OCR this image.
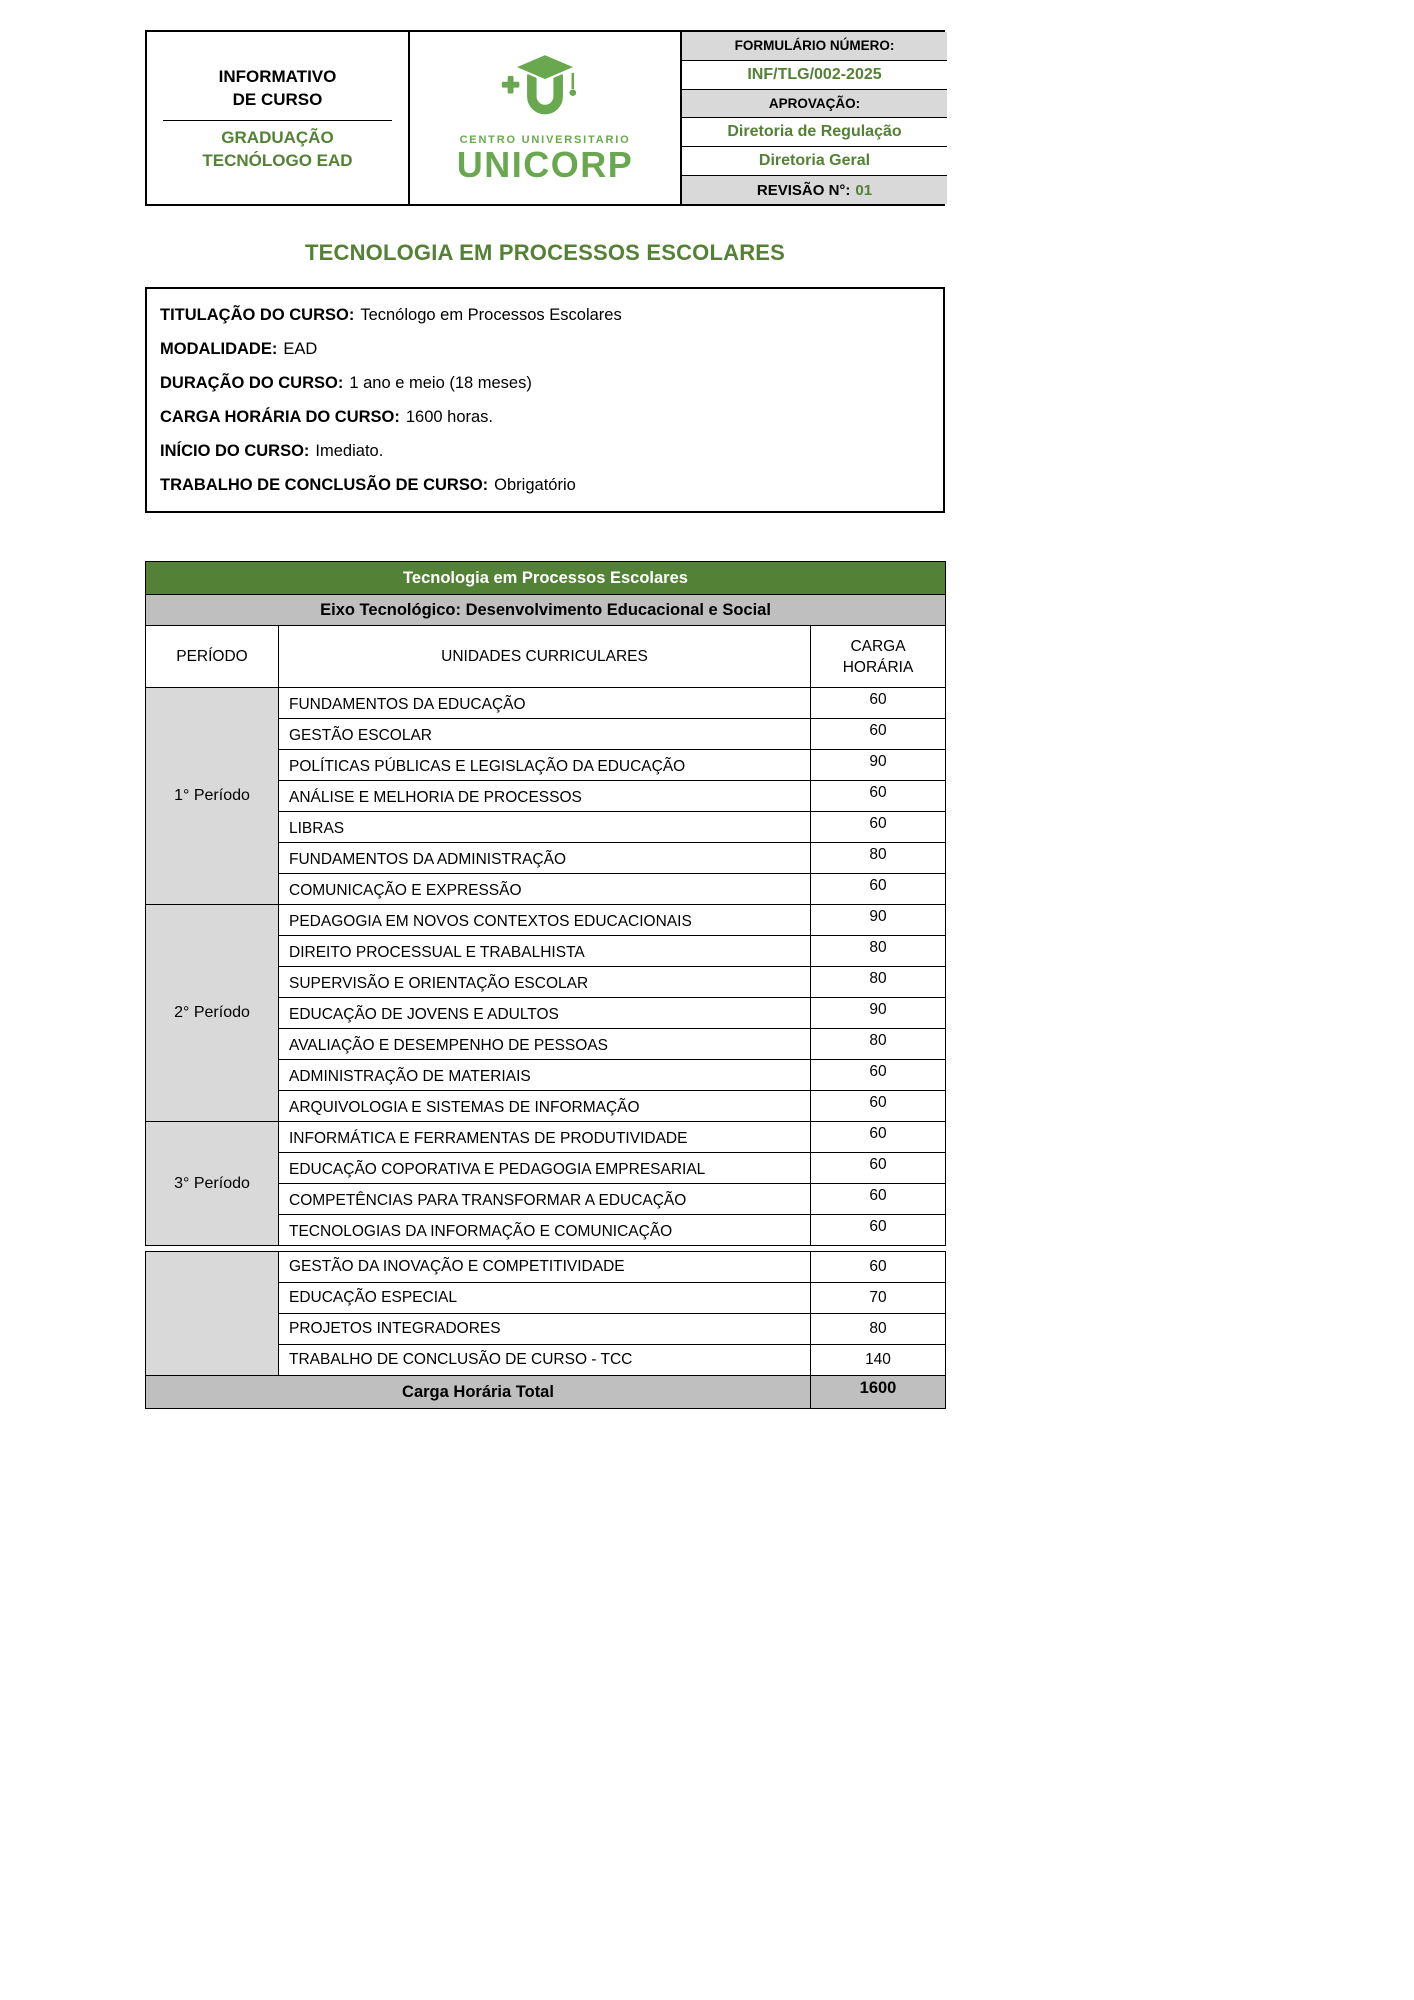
INFORMATIVO
DE CURSO
GRADUAÇÃO
TECNÓLOGO EAD
CENTRO UNIVERSITARIO
UNICORP
FORMULÁRIO NÚMERO:
INF/TLG/002-2025
APROVAÇÃO:
Diretoria de Regulação
Diretoria Geral
REVISÃO N°: 01
TECNOLOGIA EM PROCESSOS ESCOLARES
TITULAÇÃO DO CURSO: Tecnólogo em Processos Escolares
MODALIDADE: EAD
DURAÇÃO DO CURSO: 1 ano e meio (18 meses)
CARGA HORÁRIA DO CURSO: 1600 horas.
INÍCIO DO CURSO: Imediato.
TRABALHO DE CONCLUSÃO DE CURSO: Obrigatório
Tecnologia em Processos Escolares		
Eixo Tecnológico: Desenvolvimento Educacional e Social		
PERÍODO	UNIDADES CURRICULARES	CARGA
HORÁRIA

1° Período	FUNDAMENTOS DA EDUCAÇÃO	60
	GESTÃO ESCOLAR	60
	POLÍTICAS PÚBLICAS E LEGISLAÇÃO DA EDUCAÇÃO	90
	ANÁLISE E MELHORIA DE PROCESSOS	60
	LIBRAS	60
	FUNDAMENTOS DA ADMINISTRAÇÃO	80
	COMUNICAÇÃO E EXPRESSÃO	60
2° Período	PEDAGOGIA EM NOVOS CONTEXTOS EDUCACIONAIS	90
	DIREITO PROCESSUAL E TRABALHISTA	80
	SUPERVISÃO E ORIENTAÇÃO ESCOLAR	80
	EDUCAÇÃO DE JOVENS E ADULTOS	90
	AVALIAÇÃO E DESEMPENHO DE PESSOAS	80
	ADMINISTRAÇÃO DE MATERIAIS	60
	ARQUIVOLOGIA E SISTEMAS DE INFORMAÇÃO	60
3° Período	INFORMÁTICA E FERRAMENTAS DE PRODUTIVIDADE	60
	EDUCAÇÃO COPORATIVA E PEDAGOGIA EMPRESARIAL	60
	COMPETÊNCIAS PARA TRANSFORMAR A EDUCAÇÃO	60
	TECNOLOGIAS DA INFORMAÇÃO E COMUNICAÇÃO	60
	GESTÃO DA INOVAÇÃO E COMPETITIVIDADE	60
	EDUCAÇÃO ESPECIAL	70
	PROJETOS INTEGRADORES	80
	TRABALHO DE CONCLUSÃO DE CURSO - TCC	140
Carga Horária Total		1600
